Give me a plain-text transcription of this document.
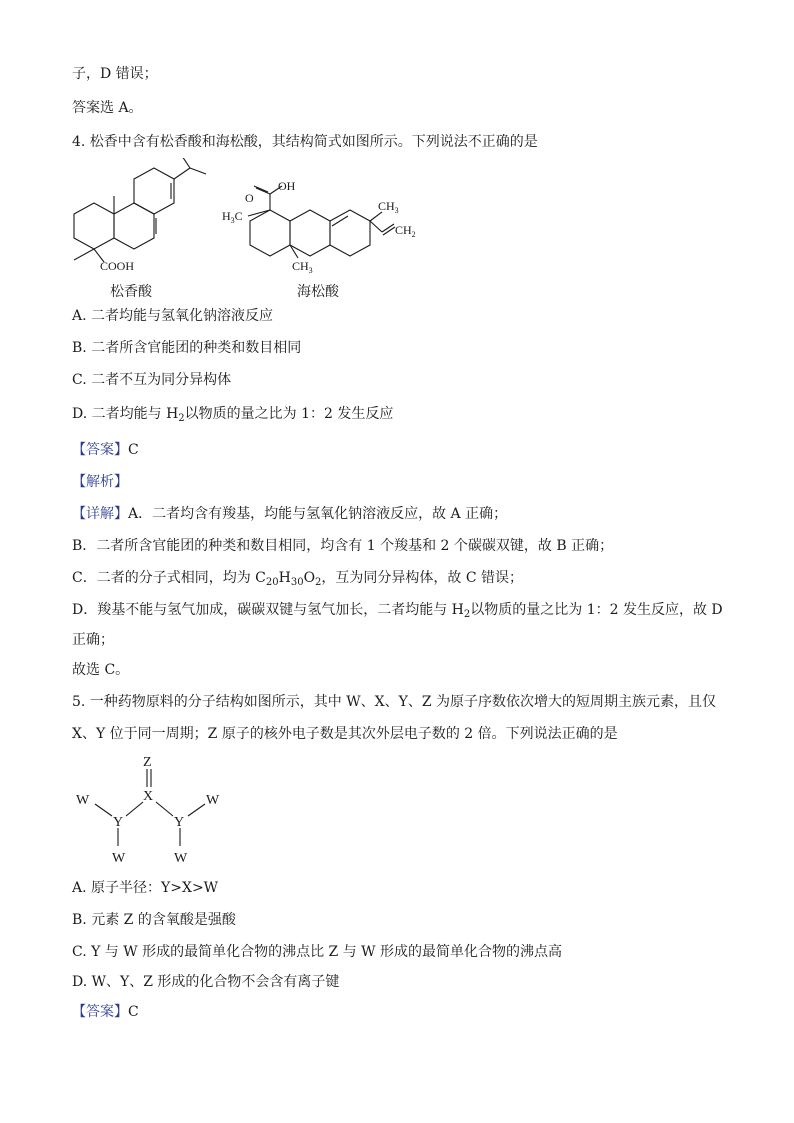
子，D 错误；
答案选 A。
4. 松香中含有松香酸和海松酸，其结构简式如图所示。下列说法不正确的是
COOH
松香酸
O
OH
$H_3C$
$CH_3$
$CH_3$
$CH_2$
海松酸
A. 二者均能与氢氧化钠溶液反应
B. 二者所含官能团的种类和数目相同
C. 二者不互为同分异构体
D. 二者均能与 $H_2$以物质的量之比为 1：2 发生反应
【答案】C
【解析】
【详解】A．二者均含有羧基，均能与氢氧化钠溶液反应，故 A 正确；
B．二者所含官能团的种类和数目相同，均含有 1 个羧基和 2 个碳碳双键，故 B 正确；
C．二者的分子式相同，均为 $C_{20}H_{30}O_2$，互为同分异构体，故 C 错误；
D．羧基不能与氢气加成，碳碳双键与氢气加长，二者均能与 $H_2$以物质的量之比为 1：2 发生反应，故 D
正确；
故选 C。
5. 一种药物原料的分子结构如图所示，其中 W、X、Y、Z 为原子序数依次增大的短周期主族元素，且仅
X、Y 位于同一周期；Z 原子的核外电子数是其次外层电子数的 2 倍。下列说法正确的是
Z
X
Y	Y
W	W
W	W
A. 原子半径：Y>X>W
B. 元素 Z 的含氧酸是强酸
C. Y 与 W 形成的最简单化合物的沸点比 Z 与 W 形成的最简单化合物的沸点高
D. W、Y、Z 形成的化合物不会含有离子键
【答案】C
